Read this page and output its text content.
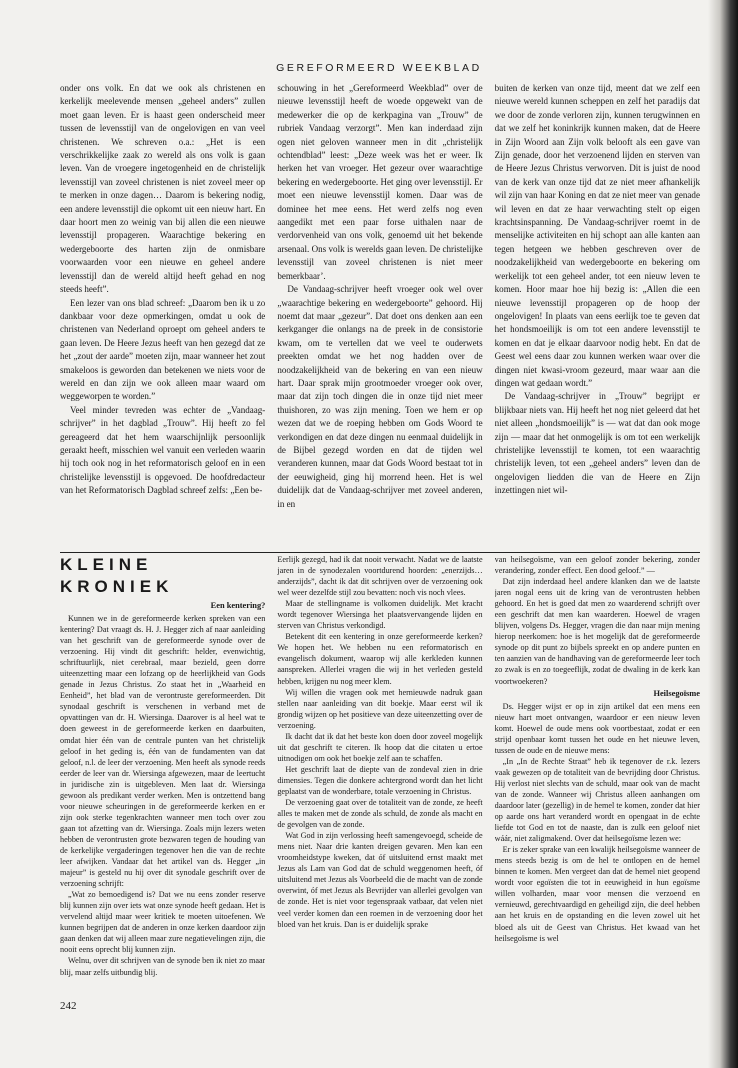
GEREFORMEERD WEEKBLAD

onder ons volk. En dat we ook als christenen en kerkelijk meelevende mensen „geheel anders” zullen moet gaan leven. Er is haast geen onderscheid meer tussen de levensstijl van de ongelovigen en van veel christenen. We schreven o.a.: „Het is een verschrikkelijke zaak zo wereld als ons volk is gaan leven. Van de vroegere ingetogenheid en de christelijk levensstijl van zoveel christenen is niet zoveel meer op te merken in onze dagen… Daarom is bekering nodig, een andere levensstijl die opkomt uit een nieuw hart. En daar hoort men zo weinig van bij allen die een nieuwe levensstijl propageren. Waarachtige bekering en wedergeboorte des harten zijn de onmisbare voorwaarden voor een nieuwe en geheel andere levensstijl dan de wereld altijd heeft gehad en nog steeds heeft”.

Een lezer van ons blad schreef: „Daarom ben ik u zo dankbaar voor deze opmerkingen, omdat u ook de christenen van Nederland oproept om geheel anders te gaan leven. De Heere Jezus heeft van hen gezegd dat ze het „zout der aarde” moeten zijn, maar wanneer het zout smakeloos is geworden dan betekenen we niets voor de wereld en dan zijn we ook alleen maar waard om weggeworpen te worden.”

Veel minder tevreden was echter de „Vandaag-schrijver” in het dagblad „Trouw”. Hij heeft zo fel gereageerd dat het hem waarschijnlijk persoonlijk geraakt heeft, misschien wel vanuit een verleden waarin hij toch ook nog in het reformatorisch geloof en in een christelijke levensstijl is opgevoed. De hoofdredacteur van het Reformatorisch Dagblad schreef zelfs: „Een be-

schouwing in het „Gereformeerd Weekblad” over de nieuwe levensstijl heeft de woede opgewekt van de medewerker die op de kerkpagina van „Trouw” de rubriek Vandaag verzorgt”. Men kan inderdaad zijn ogen niet geloven wanneer men in dit „christelijk ochtendblad” leest: „Deze week was het er weer. Ik herken het van vroeger. Het gezeur over waarachtige bekering en wedergeboorte. Het ging over levensstijl. Er moet een nieuwe levensstijl komen. Daar was de dominee het mee eens. Het werd zelfs nog even aangedikt met een paar forse uithalen naar de verdorvenheid van ons volk, genoemd uit het bekende arsenaal. Ons volk is werelds gaan leven. De christelijke levensstijl van zoveel christenen is niet meer bemerkbaar’.

De Vandaag-schrijver heeft vroeger ook wel over „waarachtige bekering en wedergeboorte” gehoord. Hij noemt dat maar „gezeur”. Dat doet ons denken aan een kerkganger die onlangs na de preek in de consistorie kwam, om te vertellen dat we veel te ouderwets preekten omdat we het nog hadden over de noodzakelijkheid van de bekering en van een nieuw hart. Daar sprak mijn grootmoeder vroeger ook over, maar dat zijn toch dingen die in onze tijd niet meer thuishoren, zo was zijn mening. Toen we hem er op wezen dat we de roeping hebben om Gods Woord te verkondigen en dat deze dingen nu eenmaal duidelijk in de Bijbel gezegd worden en dat de tijden wel veranderen kunnen, maar dat Gods Woord bestaat tot in der eeuwigheid, ging hij morrend heen. Het is wel duidelijk dat de Vandaag-schrijver met zoveel anderen, in en

buiten de kerken van onze tijd, meent dat we zelf een nieuwe wereld kunnen scheppen en zelf het paradijs dat we door de zonde verloren zijn, kunnen terugwinnen en dat we zelf het koninkrijk kunnen maken, dat de Heere in Zijn Woord aan Zijn volk belooft als een gave van Zijn genade, door het verzoenend lijden en sterven van de Heere Jezus Christus verworven. Dit is juist de nood van de kerk van onze tijd dat ze niet meer afhankelijk wil zijn van haar Koning en dat ze niet meer van genade wil leven en dat ze haar verwachting stelt op eigen krachtsinspanning. De Vandaag-schrijver roemt in de menselijke activiteiten en hij schopt aan alle kanten aan tegen hetgeen we hebben geschreven over de noodzakelijkheid van wedergeboorte en bekering om werkelijk tot een geheel ander, tot een nieuw leven te komen. Hoor maar hoe hij bezig is: „Allen die een nieuwe levensstijl propageren op de hoop der ongelovigen! In plaats van eens eerlijk toe te geven dat het hondsmoeilijk is om tot een andere levensstijl te komen en dat je elkaar daarvoor nodig hebt. En dat de Geest wel eens daar zou kunnen werken waar over die dingen niet kwasi-vroom gezeurd, maar waar aan die dingen wat gedaan wordt.”

De Vandaag-schrijver in „Trouw” begrijpt er blijkbaar niets van. Hij heeft het nog niet geleerd dat het niet alleen „hondsmoeilijk” is — wat dat dan ook moge zijn — maar dat het onmogelijk is om tot een werkelijk christelijke levensstijl te komen, tot een waarachtig christelijk leven, tot een „geheel anders” leven dan de ongelovigen liedden die van de Heere en Zijn inzettingen niet wil-

KLEINE KRONIEK
Een kentering?

Kunnen we in de gereformeerde kerken spreken van een kentering? Dat vraagt ds. H. J. Hegger zich af naar aanleiding van het geschrift van de gereformeerde synode over de verzoening. Hij vindt dit geschrift: helder, evenwichtig, schriftuurlijk, niet cerebraal, maar bezield, geen dorre uiteenzetting maar een lofzang op de heerlijkheid van Gods genade in Jezus Christus. Zo staat het in „Waarheid en Eenheid”, het blad van de verontruste gereformeerden. Dit synodaal geschrift is verschenen in verband met de opvattingen van dr. H. Wiersinga. Daarover is al heel wat te doen geweest in de gereformeerde kerken en daarbuiten, omdat hier één van de centrale punten van het christelijk geloof in het geding is, één van de fundamenten van dat geloof, n.l. de leer der verzoening. Men heeft als synode reeds eerder de leer van dr. Wiersinga afgewezen, maar de leertucht in juridische zin is uitgebleven. Men laat dr. Wiersinga gewoon als predikant verder werken. Men is ontzettend bang voor nieuwe scheuringen in de gereformeerde kerken en er zijn ook sterke tegenkrachten wanneer men toch over zou gaan tot afzetting van dr. Wiersinga. Zoals mijn lezers weten hebben de verontrusten grote bezwaren tegen de houding van de kerkelijke vergaderingen tegenover hen die van de rechte leer afwijken. Vandaar dat het artikel van ds. Hegger „in majeur” is gesteld nu hij over dit synodale geschrift over de verzoening schrijft:

„Wat zo bemoedigend is? Dat we nu eens zonder reserve blij kunnen zijn over iets wat onze synode heeft gedaan. Het is vervelend altijd maar weer kritiek te moeten uitoefenen. We kunnen begrijpen dat de anderen in onze kerken daardoor zijn gaan denken dat wij alleen maar zure negatievelingen zijn, die nooit eens oprecht blij kunnen zijn.

Welnu, over dit schrijven van de synode ben ik niet zo maar blij, maar zelfs uitbundig blij.

Eerlijk gezegd, had ik dat nooit verwacht. Nadat we de laatste jaren in de synodezalen voortdurend hoorden: „enerzijds… anderzijds”, dacht ik dat dit schrijven over de verzoening ook wel weer dezelfde stijl zou bevatten: noch vis noch vlees.

Maar de stellingname is volkomen duidelijk. Met kracht wordt tegenover Wiersinga het plaatsvervangende lijden en sterven van Christus verkondigd.

Betekent dit een kentering in onze gereformeerde kerken? We hopen het. We hebben nu een reformatorisch en evangelisch dokument, waarop wij alle kerkleden kunnen aanspreken. Allerlei vragen die wij in het verleden gesteld hebben, krijgen nu nog meer klem.

Wij willen die vragen ook met hernieuwde nadruk gaan stellen naar aanleiding van dit boekje. Maar eerst wil ik grondig wijzen op het positieve van deze uiteenzetting over de verzoening.

Ik dacht dat ik dat het beste kon doen door zoveel mogelijk uit dat geschrift te citeren. Ik hoop dat die citaten u ertoe uitnodigen om ook het boekje zelf aan te schaffen.

Het geschrift laat de diepte van de zondeval zien in drie dimensies. Tegen die donkere achtergrond wordt dan het licht geplaatst van de wonderbare, totale verzoening in Christus.

De verzoening gaat over de totaliteit van de zonde, ze heeft alles te maken met de zonde als schuld, de zonde als macht en de gevolgen van de zonde.

Wat God in zijn verlossing heeft samengevoegd, scheide de mens niet. Naar drie kanten dreigen gevaren. Men kan een vroomheidstype kweken, dat óf uitsluitend ernst maakt met Jezus als Lam van God dat de schuld weggenomen heeft, óf uitsluitend met Jezus als Voorbeeld die de macht van de zonde overwint, óf met Jezus als Bevrijder van allerlei gevolgen van de zonde. Het is niet voor tegenspraak vatbaar, dat velen niet veel verder komen dan een roemen in de verzoening door het bloed van het kruis. Dan is er duidelijk sprake

van heilsegoïsme, van een geloof zonder bekering, zonder verandering, zonder effect. Een dood geloof.” —

Dat zijn inderdaad heel andere klanken dan we de laatste jaren nogal eens uit de kring van de verontrusten hebben gehoord. En het is goed dat men zo waarderend schrijft over een geschrift dat men kan waarderen. Hoewel de vragen blijven, volgens Ds. Hegger, vragen die dan naar mijn mening hierop neerkomen: hoe is het mogelijk dat de gereformeerde synode op dit punt zo bijbels spreekt en op andere punten en ten aanzien van de handhaving van de gereformeerde leer toch zo zwak is en zo toegeeflijk, zodat de dwaling in de kerk kan voortwoekeren?

Heilsegoïsme

Ds. Hegger wijst er op in zijn artikel dat een mens een nieuw hart moet ontvangen, waardoor er een nieuw leven komt. Hoewel de oude mens ook voortbestaat, zodat er een strijd openbaar komt tussen het oude en het nieuwe leven, tussen de oude en de nieuwe mens:

„In „In de Rechte Straat” heb ik tegenover de r.k. lezers vaak gewezen op de totaliteit van de bevrijding door Christus. Hij verlost niet slechts van de schuld, maar ook van de macht van de zonde. Wanneer wij Christus alleen aanhangen om daardoor later (gezellig) in de hemel te komen, zonder dat hier op aarde ons hart veranderd wordt en opengaat in de echte liefde tot God en tot de naaste, dan is zulk een geloof niet wáár, niet zaligmakend. Over dat heilsegoïsme lezen we:

Er is zeker sprake van een kwalijk heilsegoïsme wanneer de mens steeds bezig is om de hel te ontlopen en de hemel binnen te komen. Men vergeet dan dat de hemel niet geopend wordt voor egoïsten die tot in eeuwigheid in hun egoïsme willen volharden, maar voor mensen die verzoend en vernieuwd, gerechtvaardigd en geheiligd zijn, die deel hebben aan het kruis en de opstanding en die leven zowel uit het bloed als uit de Geest van Christus. Het kwaad van het heilsegoïsme is wel

242
